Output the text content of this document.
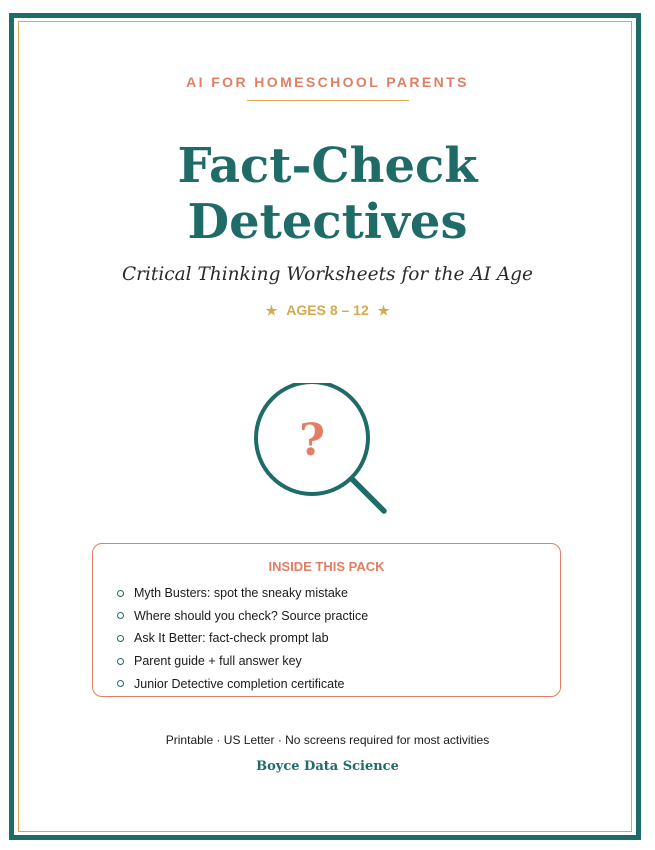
AI FOR HOMESCHOOL PARENTS
Fact-Check
Detectives
Critical Thinking Worksheets for the AI Age
★ AGES 8 – 12 ★
?
INSIDE THIS PACK
Myth Busters: spot the sneaky mistake
Where should you check? Source practice
Ask It Better: fact-check prompt lab
Parent guide + full answer key
Junior Detective completion certificate
Printable · US Letter · No screens required for most activities
Boyce Data Science
